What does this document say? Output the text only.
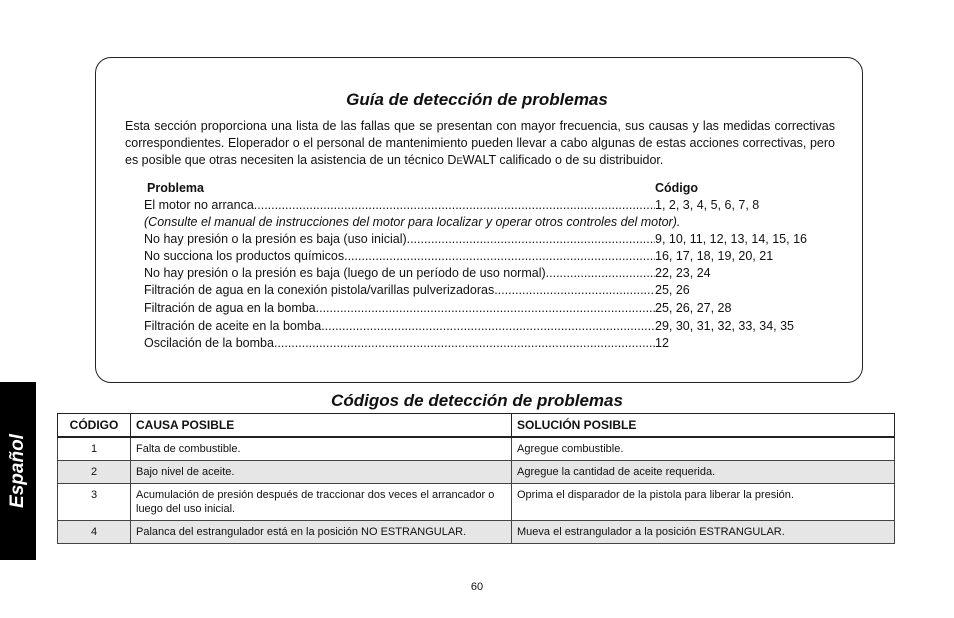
Guía de detección de problemas
Esta sección proporciona una lista de las fallas que se presentan con mayor frecuencia, sus causas y las medidas correctivas correspondientes. Eloperador o el personal de mantenimiento pueden llevar a cabo algunas de estas acciones correctivas, pero es posible que otras necesiten la asistencia de un técnico DEWALT calificado o de su distribuidor.
Problema	Código
El motor no arranca .....	1, 2, 3, 4, 5, 6, 7, 8
(Consulte el manual de instrucciones del motor para localizar y operar otros controles del motor).
No hay presión o la presión es baja (uso inicial) .....	9, 10, 11, 12, 13, 14, 15, 16
No succiona los productos químicos .....	16, 17, 18, 19, 20, 21
No hay presión o la presión es baja (luego de un período de uso normal) .....	22, 23, 24
Filtración de agua en la conexión pistola/varillas pulverizadoras .....	25, 26
Filtración de agua en la bomba .....	25, 26, 27, 28
Filtración de aceite en la bomba .....	29, 30, 31, 32, 33, 34, 35
Oscilación de la bomba .....	12
Códigos de detección de problemas
Español
CÓDIGO	CAUSA POSIBLE	SOLUCIÓN POSIBLE
1	Falta de combustible.	Agregue combustible.
2	Bajo nivel de aceite.	Agregue la cantidad de aceite requerida.
3	Acumulación de presión después de traccionar dos veces el arrancador o luego del uso inicial.	Oprima el disparador de la pistola para liberar la presión.
4	Palanca del estrangulador está en la posición NO ESTRANGULAR.	Mueva el estrangulador a la posición ESTRANGULAR.
60
